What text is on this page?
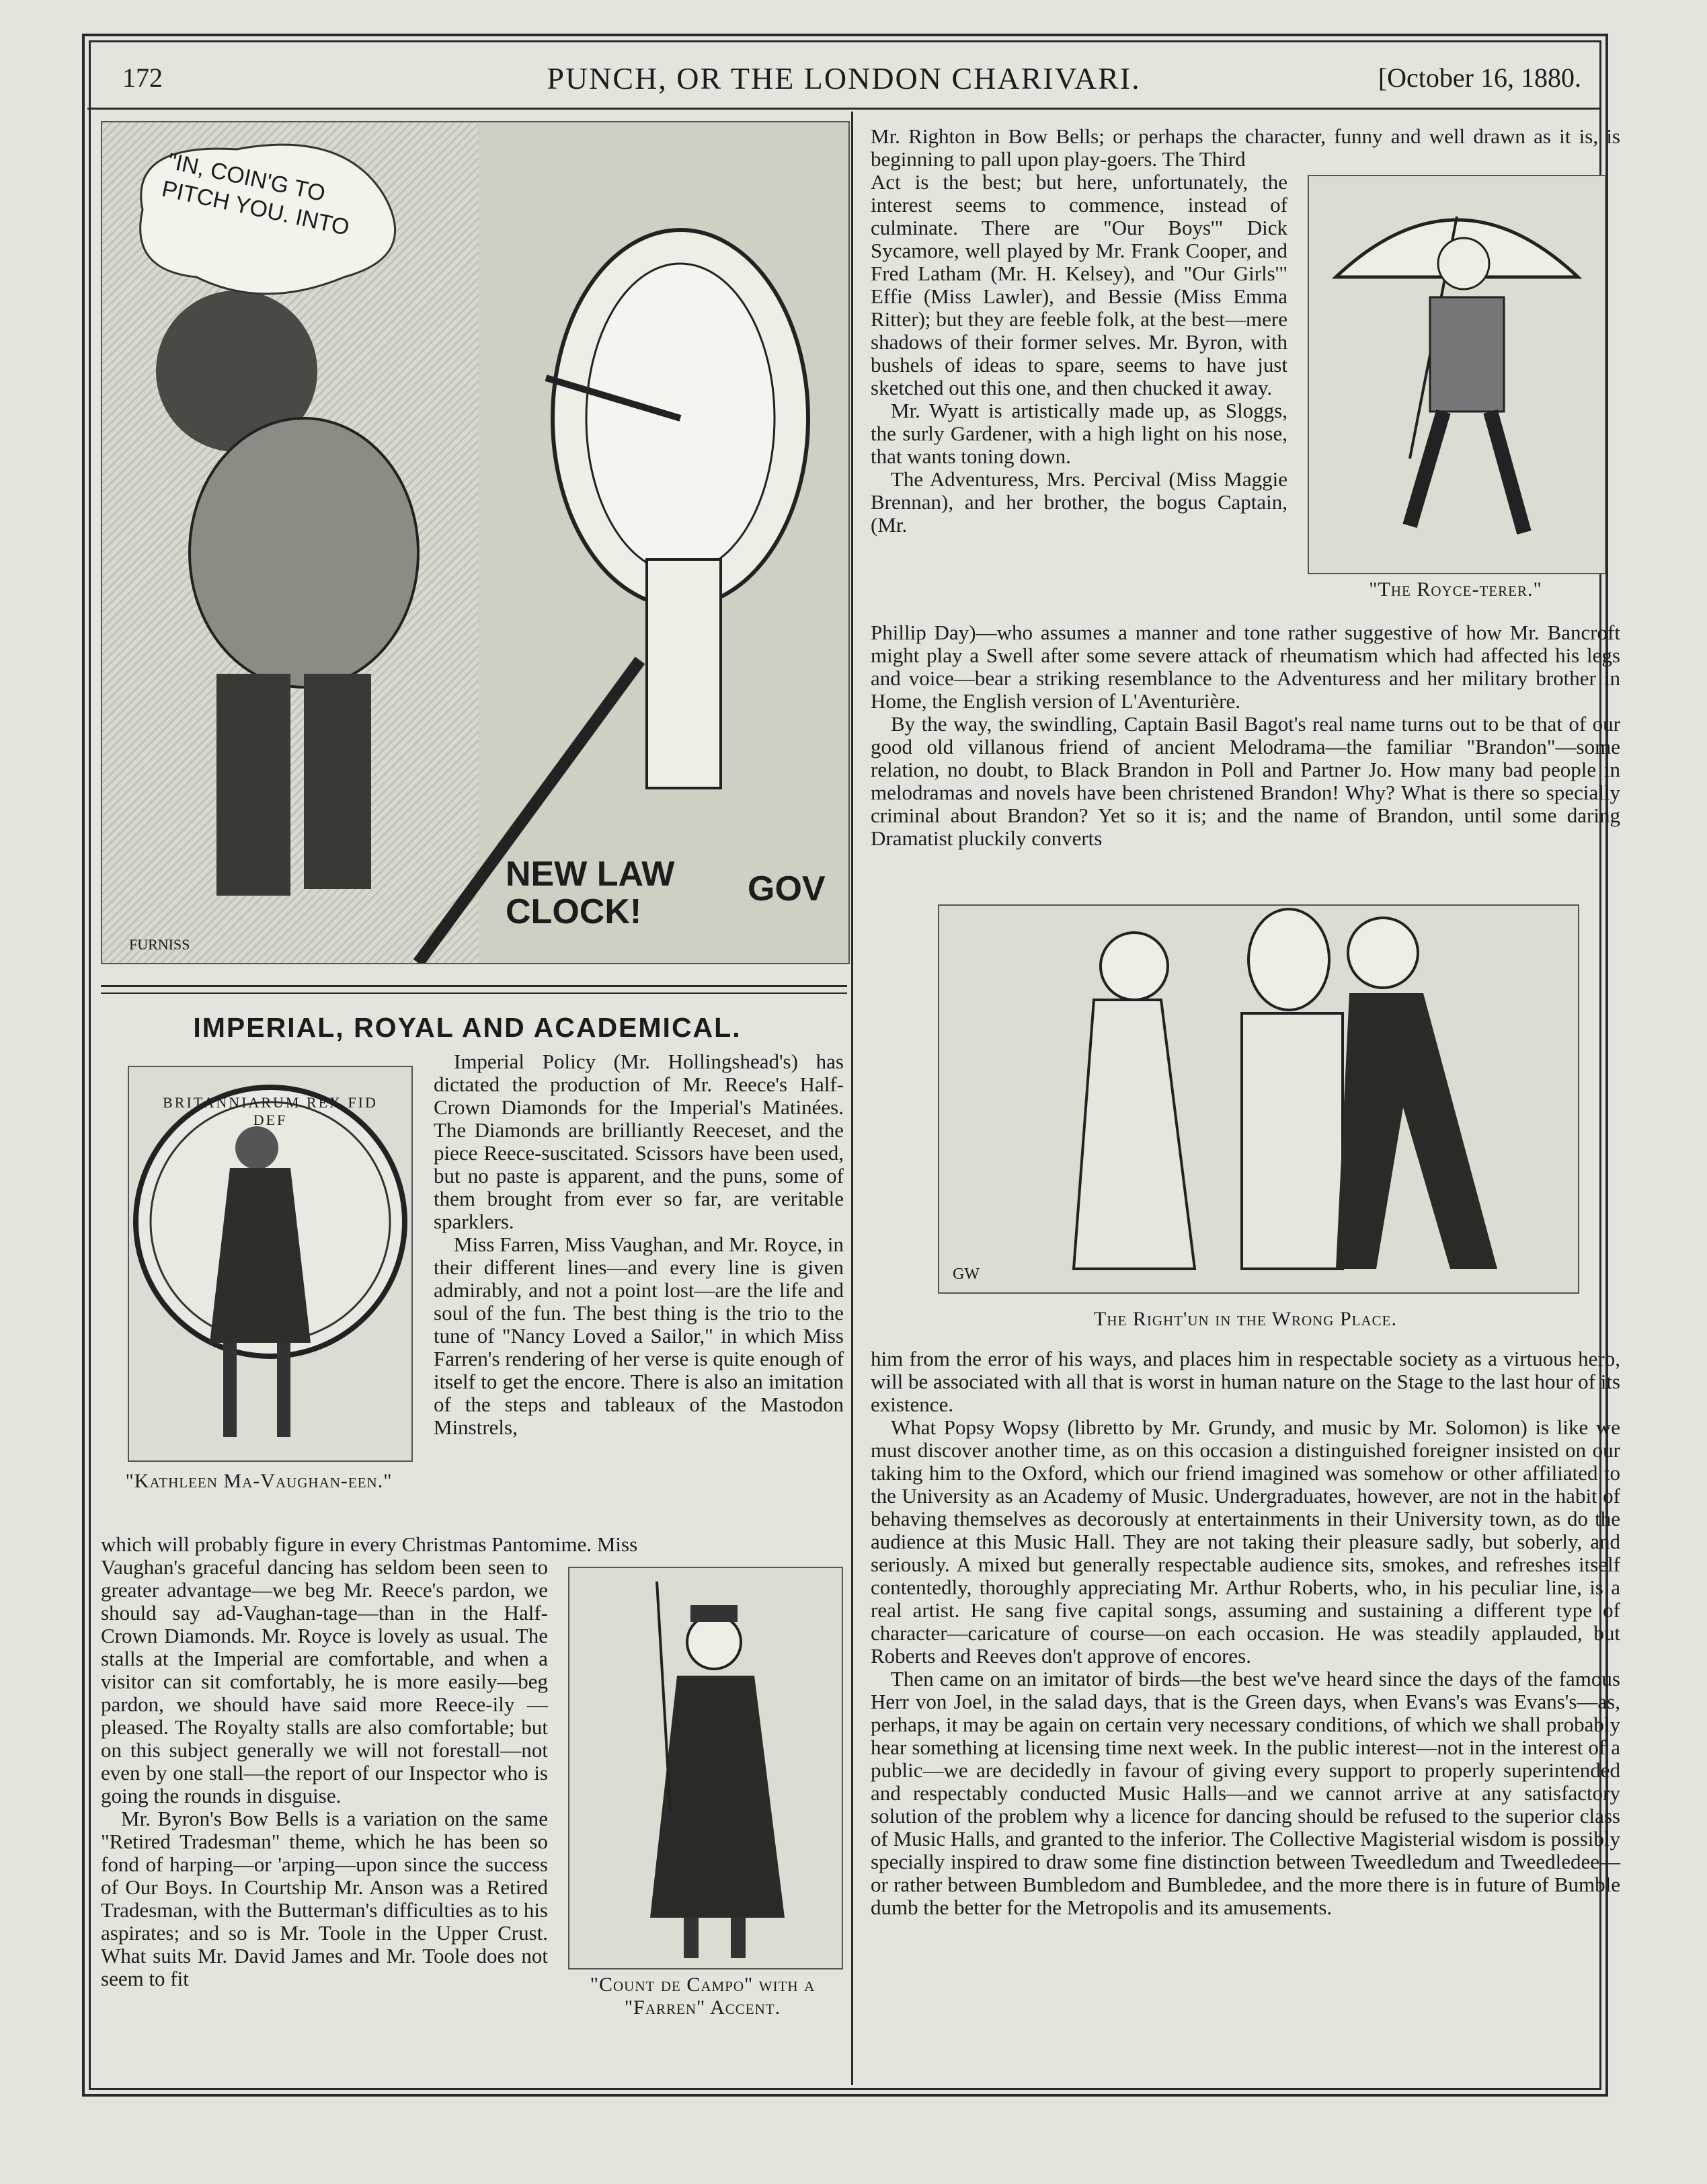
172	PUNCH, OR THE LONDON CHARIVARI.	[October 16, 1880.
"IN, COIN'G TO PITCH YOU. INTO
NEW LAW CLOCK!
GOV
FURNISS
IMPERIAL, ROYAL AND ACADEMICAL.
BRITANNIARUM REX FID DEF
"Kathleen Ma-Vaughan-een."

Imperial Policy (Mr. Hollingshead's) has dictated the production of Mr. Reece's Half-Crown Diamonds for the Imperial's Matinées. The Diamonds are brilliantly Reeceset, and the piece Reece-suscitated. Scissors have been used, but no paste is apparent, and the puns, some of them brought from ever so far, are veritable sparklers.

Miss Farren, Miss Vaughan, and Mr. Royce, in their different lines—and every line is given admirably, and not a point lost—are the life and soul of the fun. The best thing is the trio to the tune of "Nancy Loved a Sailor," in which Miss Farren's rendering of her verse is quite enough of itself to get the encore. There is also an imitation of the steps and tableaux of the Mastodon Minstrels,

which will probably figure in every Christmas Pantomime. Miss
"Count de Campo" with a "Farren" Accent.

Vaughan's graceful dancing has seldom been seen to greater advantage—we beg Mr. Reece's pardon, we should say ad-Vaughan-tage—than in the Half-Crown Diamonds. Mr. Royce is lovely as usual. The stalls at the Imperial are comfortable, and when a visitor can sit comfortably, he is more easily—beg pardon, we should have said more Reece-ily —pleased. The Royalty stalls are also comfortable; but on this subject generally we will not forestall—not even by one stall—the report of our Inspector who is going the rounds in disguise.

Mr. Byron's Bow Bells is a variation on the same "Retired Tradesman" theme, which he has been so fond of harping—or 'arping—upon since the success of Our Boys. In Courtship Mr. Anson was a Retired Tradesman, with the Butterman's difficulties as to his aspirates; and so is Mr. Toole in the Upper Crust. What suits Mr. David James and Mr. Toole does not seem to fit

Mr. Righton in Bow Bells; or perhaps the character, funny and well drawn as it is, is beginning to pall upon play-goers. The Third

Act is the best; but here, unfortunately, the interest seems to commence, instead of culminate. There are "Our Boys'" Dick Sycamore, well played by Mr. Frank Cooper, and Fred Latham (Mr. H. Kelsey), and "Our Girls'" Effie (Miss Lawler), and Bessie (Miss Emma Ritter); but they are feeble folk, at the best—mere shadows of their former selves. Mr. Byron, with bushels of ideas to spare, seems to have just sketched out this one, and then chucked it away.

Mr. Wyatt is artistically made up, as Sloggs, the surly Gardener, with a high light on his nose, that wants toning down.

The Adventuress, Mrs. Percival (Miss Maggie Brennan), and her brother, the bogus Captain, (Mr.

"The Royce-terer."

Phillip Day)—who assumes a manner and tone rather suggestive of how Mr. Bancroft might play a Swell after some severe attack of rheumatism which had affected his legs and voice—bear a striking resemblance to the Adventuress and her military brother in Home, the English version of L'Aventurière.

By the way, the swindling, Captain Basil Bagot's real name turns out to be that of our good old villanous friend of ancient Melodrama—the familiar "Brandon"—some relation, no doubt, to Black Brandon in Poll and Partner Jo. How many bad people in melodramas and novels have been christened Brandon! Why? What is there so specially criminal about Brandon? Yet so it is; and the name of Brandon, until some daring Dramatist pluckily converts

GW
The Right'un in the Wrong Place.

him from the error of his ways, and places him in respectable society as a virtuous hero, will be associated with all that is worst in human nature on the Stage to the last hour of its existence.

What Popsy Wopsy (libretto by Mr. Grundy, and music by Mr. Solomon) is like we must discover another time, as on this occasion a distinguished foreigner insisted on our taking him to the Oxford, which our friend imagined was somehow or other affiliated to the University as an Academy of Music. Undergraduates, however, are not in the habit of behaving themselves as decorously at entertainments in their University town, as do the audience at this Music Hall. They are not taking their pleasure sadly, but soberly, and seriously. A mixed but generally respectable audience sits, smokes, and refreshes itself contentedly, thoroughly appreciating Mr. Arthur Roberts, who, in his peculiar line, is a real artist. He sang five capital songs, assuming and sustaining a different type of character—caricature of course—on each occasion. He was steadily applauded, but Roberts and Reeves don't approve of encores.

Then came on an imitator of birds—the best we've heard since the days of the famous Herr von Joel, in the salad days, that is the Green days, when Evans's was Evans's—as, perhaps, it may be again on certain very necessary conditions, of which we shall probably hear something at licensing time next week. In the public interest—not in the interest of a public—we are decidedly in favour of giving every support to properly superintended and respectably conducted Music Halls—and we cannot arrive at any satisfactory solution of the problem why a licence for dancing should be refused to the superior class of Music Halls, and granted to the inferior. The Collective Magisterial wisdom is possibly specially inspired to draw some fine distinction between Tweedledum and Tweedledee—or rather between Bumbledom and Bumbledee, and the more there is in future of Bumble dumb the better for the Metropolis and its amusements.
